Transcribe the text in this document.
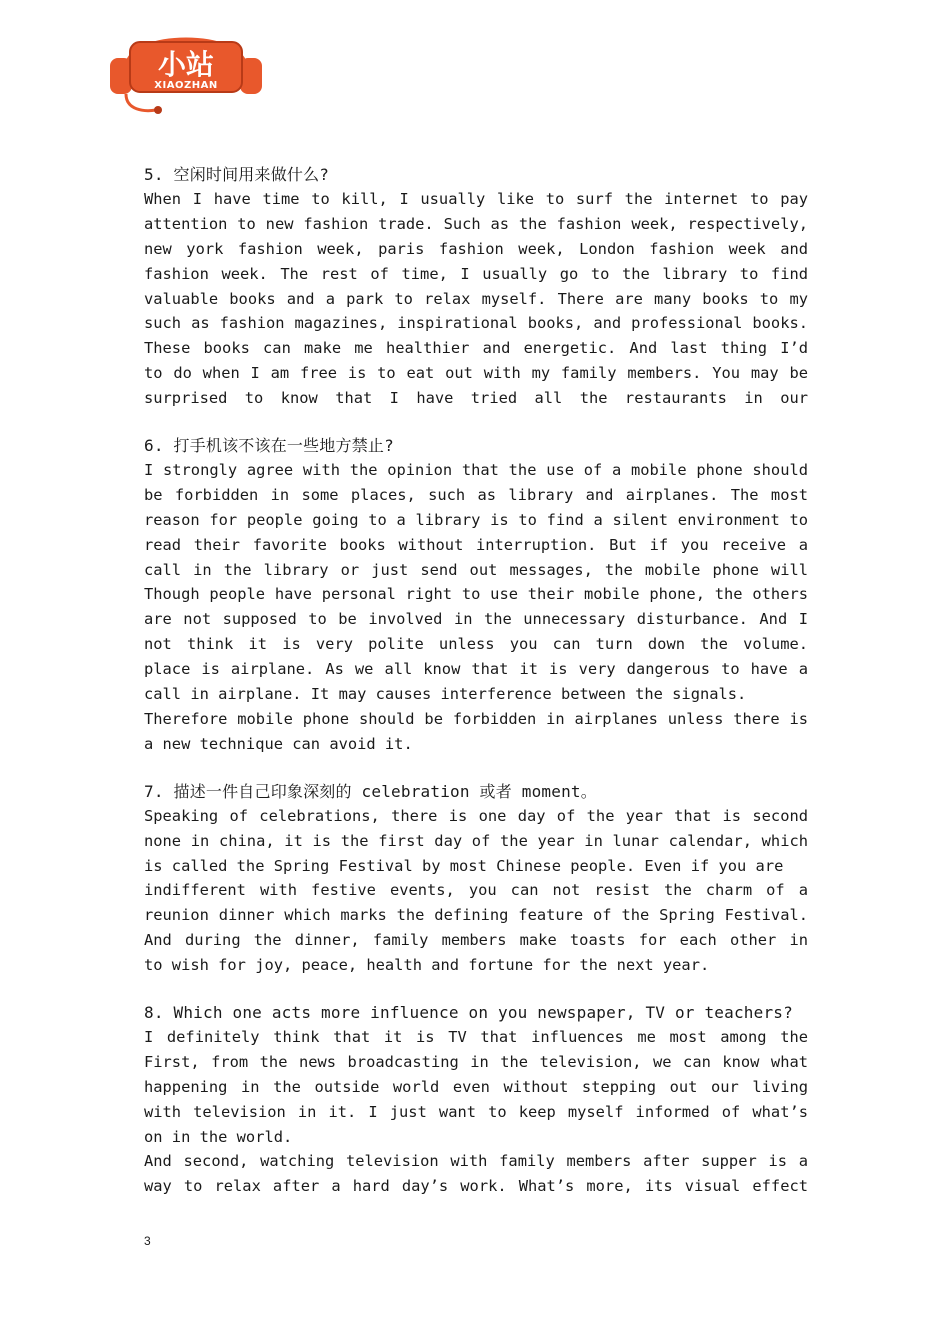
小站
XIAOZHAN
5. 空闲时间用来做什么?
When I have time to kill, I usually like to surf the internet to pay
attention to new fashion trade. Such as the fashion week, respectively,
new york fashion week, paris fashion week, London fashion week and
fashion week. The rest of time, I usually go to the library to find
valuable books and a park to relax myself. There are many books to my
such as fashion magazines, inspirational books, and professional books.
These books can make me healthier and energetic. And last thing I’d
to do when I am free is to eat out with my family members. You may be
surprised to know that I have tried all the restaurants in our
6. 打手机该不该在一些地方禁止?
I strongly agree with the opinion that the use of a mobile phone should
be forbidden in some places, such as library and airplanes. The most
reason for people going to a library is to find a silent environment to
read their favorite books without interruption. But if you receive a
call in the library or just send out messages, the mobile phone will
Though people have personal right to use their mobile phone, the others
are not supposed to be involved in the unnecessary disturbance. And I
not think it is very polite unless you can turn down the volume.
place is airplane. As we all know that it is very dangerous to have a
call in airplane. It may causes interference between the signals.
Therefore mobile phone should be forbidden in airplanes unless there is
a new technique can avoid it.
7. 描述一件自己印象深刻的 celebration 或者 moment。
Speaking of celebrations, there is one day of the year that is second
none in china, it is the first day of the year in lunar calendar, which
is called the Spring Festival by most Chinese people. Even if you are
indifferent with festive events, you can not resist the charm of a
reunion dinner which marks the defining feature of the Spring Festival.
And during the dinner, family members make toasts for each other in
to wish for joy, peace, health and fortune for the next year.
8. Which one acts more influence on you newspaper, TV or teachers?
I definitely think that it is TV that influences me most among the
First, from the news broadcasting in the television, we can know what
happening in the outside world even without stepping out our living
with television in it. I just want to keep myself informed of what’s
on in the world.
And second, watching television with family members after supper is a
way to relax after a hard day’s work. What’s more, its visual effect
3
